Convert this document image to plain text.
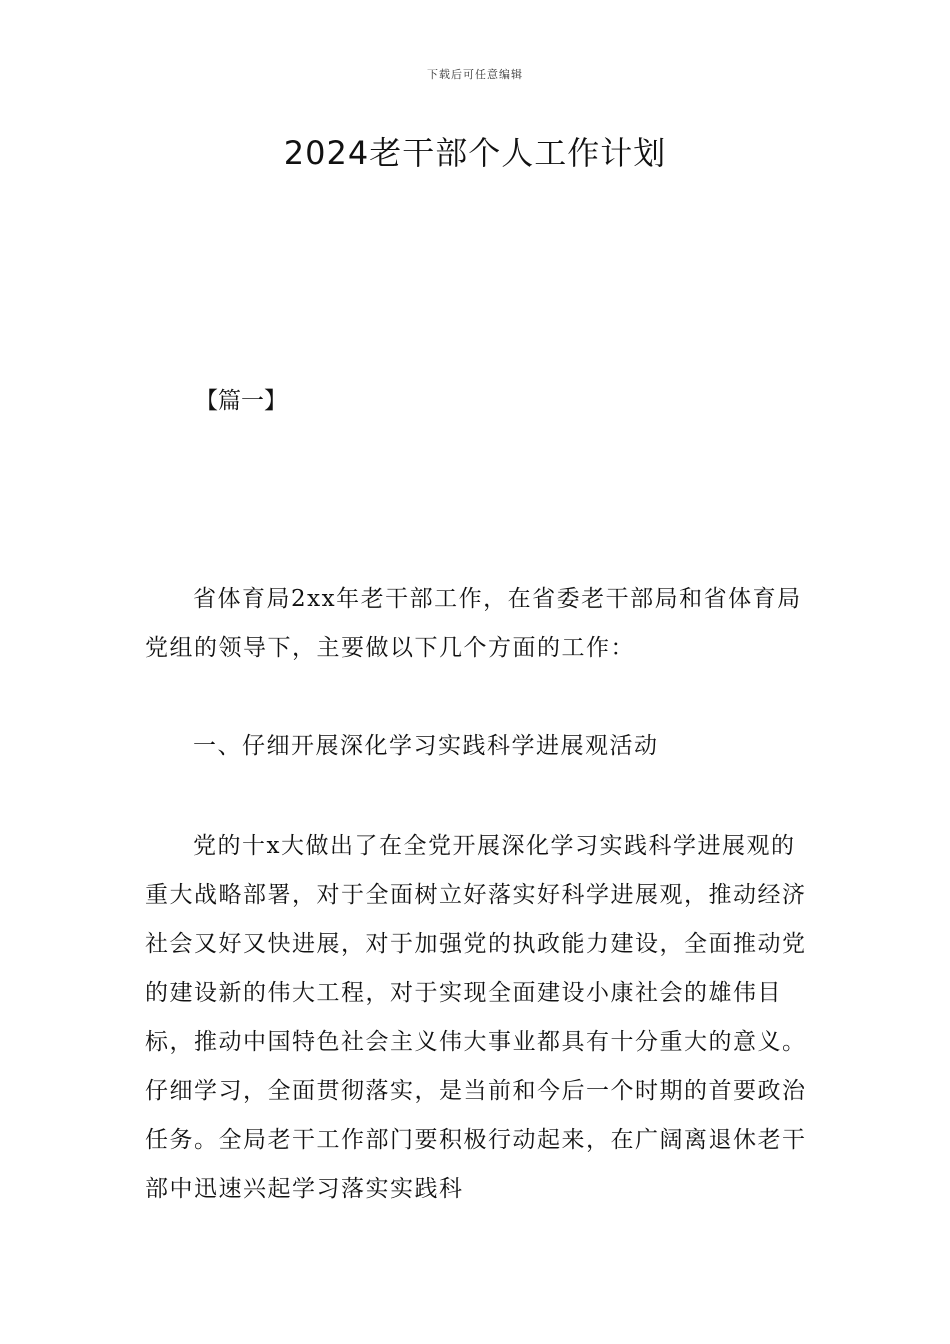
下载后可任意编辑
2024老干部个人工作计划
【篇一】

省体育局2xx年老干部工作，在省委老干部局和省体育局党组的领导下，主要做以下几个方面的工作：

一、仔细开展深化学习实践科学进展观活动

党的十x大做出了在全党开展深化学习实践科学进展观的重大战略部署，对于全面树立好落实好科学进展观，推动经济社会又好又快进展，对于加强党的执政能力建设，全面推动党的建设新的伟大工程，对于实现全面建设小康社会的雄伟目标，推动中国特色社会主义伟大事业都具有十分重大的意义。仔细学习，全面贯彻落实，是当前和今后一个时期的首要政治任务。全局老干工作部门要积极行动起来，在广阔离退休老干部中迅速兴起学习落实实践科
